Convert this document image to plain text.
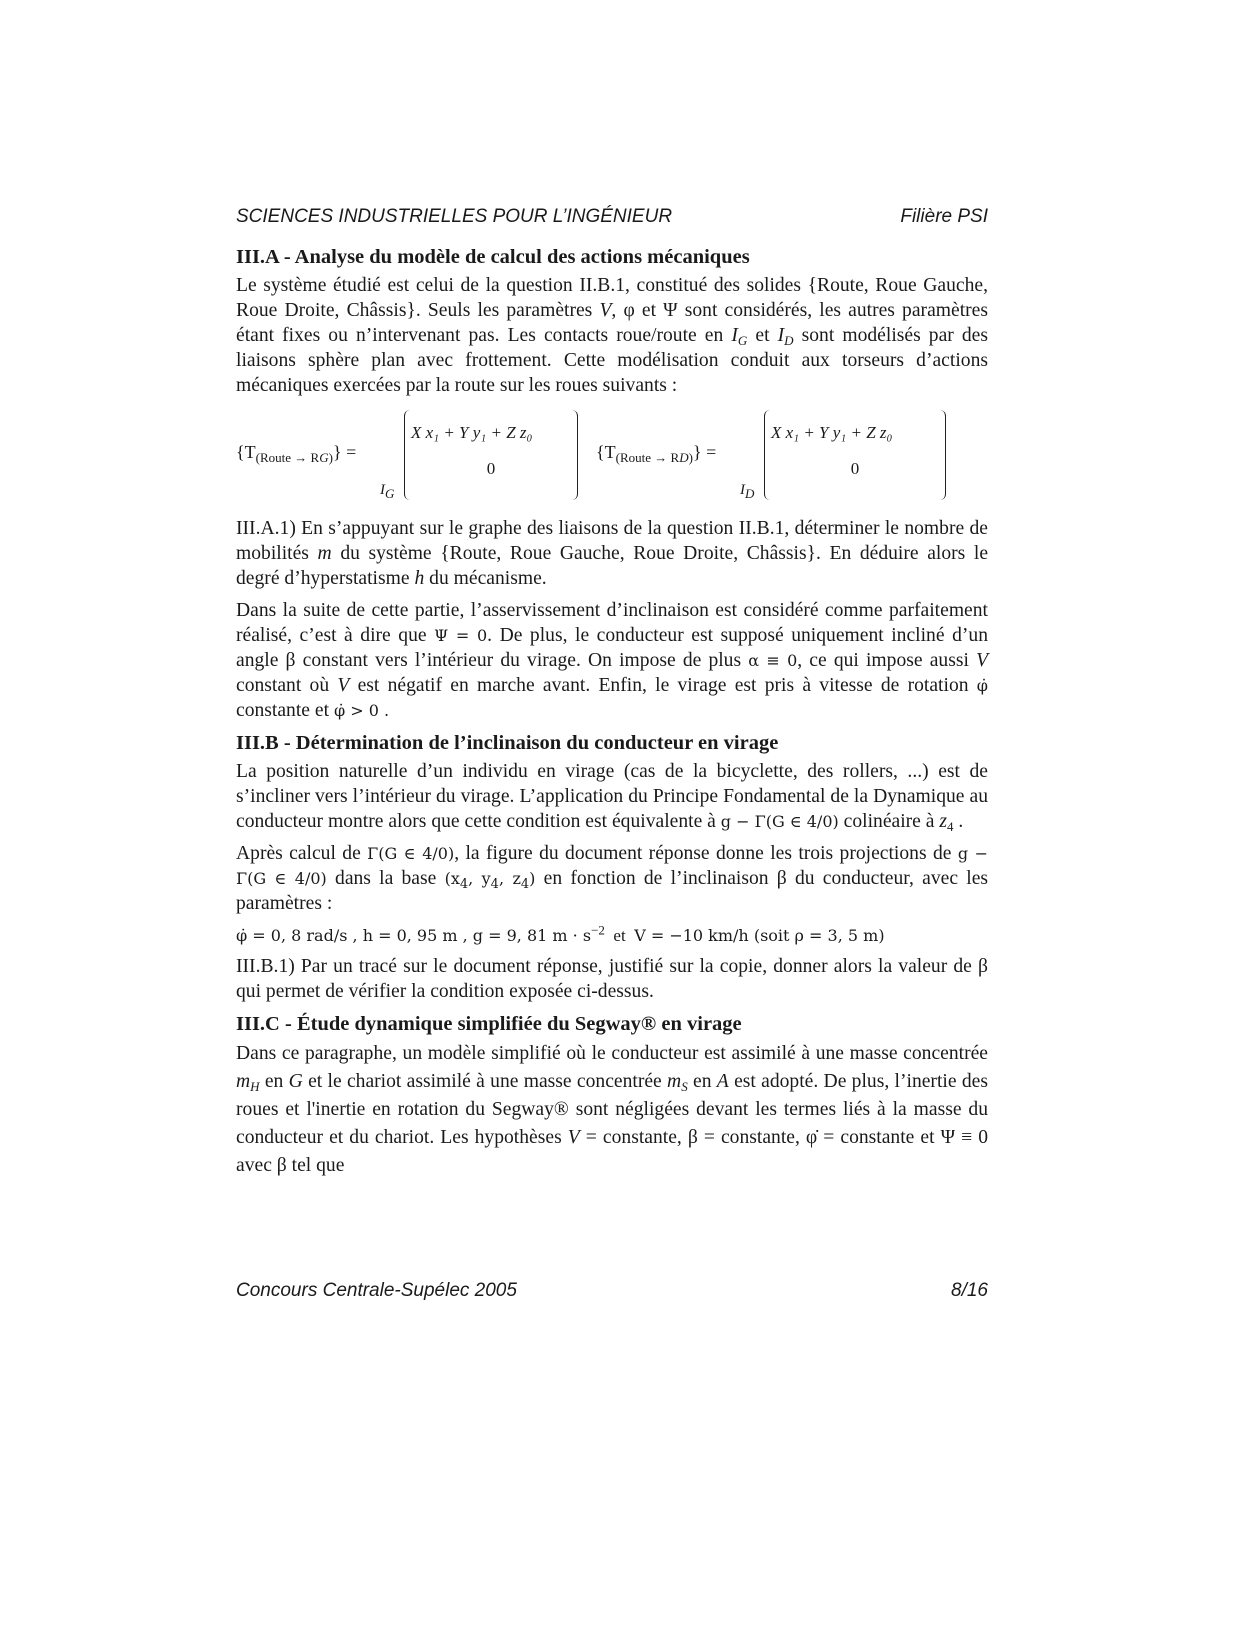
SCIENCES INDUSTRIELLES POUR L’INGÉNIEUR	Filière PSI
III.A - Analyse du modèle de calcul des actions mécaniques

Le système étudié est celui de la question II.B.1, constitué des solides {Route, Roue Gauche, Roue Droite, Châssis}. Seuls les paramètres V, φ et Ψ sont considérés, les autres paramètres étant fixes ou n’intervenant pas. Les contacts roue/route en $I_G$ et $I_D$ sont modélisés par des liaisons sphère plan avec frottement. Cette modélisation conduit aux torseurs d’actions mécaniques exercées par la route sur les roues suivants :

$\{T_{(Route \to RG)}\}$ =
X x₁ + Y y₁ + Z z₀
0
$I_G$
$\{T_{(Route \to RD)}\}$ =
X x₁ + Y y₁ + Z z₀
0
$I_D$

III.A.1) En s’appuyant sur le graphe des liaisons de la question II.B.1, déterminer le nombre de mobilités m du système {Route, Roue Gauche, Roue Droite, Châssis}. En déduire alors le degré d’hyperstatisme h du mécanisme.

Dans la suite de cette partie, l’asservissement d’inclinaison est considéré comme parfaitement réalisé, c’est à dire que Ψ = 0. De plus, le conducteur est supposé uniquement incliné d’un angle β constant vers l’intérieur du virage. On impose de plus α ≡ 0, ce qui impose aussi V constant où V est négatif en marche avant. Enfin, le virage est pris à vitesse de rotation φ̇ constante et φ̇ > 0 .

III.B - Détermination de l’inclinaison du conducteur en virage

La position naturelle d’un individu en virage (cas de la bicyclette, des rollers, ...) est de s’incliner vers l’intérieur du virage. L’application du Principe Fondamental de la Dynamique au conducteur montre alors que cette condition est équivalente à g − Γ(G ∈ 4/0) colinéaire à $z_4$ .

Après calcul de Γ(G ∈ 4/0), la figure du document réponse donne les trois projections de g − Γ(G ∈ 4/0) dans la base ($x_4$, $y_4$, $z_4$) en fonction de l’inclinaison β du conducteur, avec les paramètres :

φ̇ = 0, 8 rad/s , h = 0, 95 m , g = 9, 81 $m \cdot s^{-2}$ et V = −10 km/h (soit ρ = 3, 5 m)

III.B.1) Par un tracé sur le document réponse, justifié sur la copie, donner alors la valeur de β qui permet de vérifier la condition exposée ci-dessus.

III.C - Étude dynamique simplifiée du Segway® en virage

Dans ce paragraphe, un modèle simplifié où le conducteur est assimilé à une masse concentrée $m_H$ en G et le chariot assimilé à une masse concentrée $m_S$ en A est adopté. De plus, l’inertie des roues et l'inertie en rotation du Segway® sont négligées devant les termes liés à la masse du conducteur et du chariot. Les hypothèses V = constante, β = constante, φ̇ = constante et Ψ ≡ 0 avec β tel que

Concours Centrale-Supélec 2005	8/16
